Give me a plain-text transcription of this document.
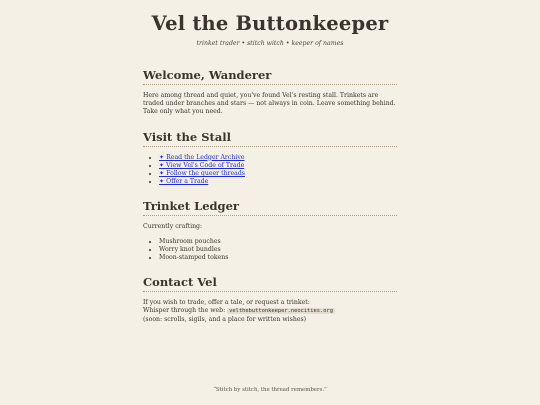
Vel the Buttonkeeper
trinket trader • stitch witch • keeper of names
Welcome, Wanderer

Here among thread and quiet, you've found Vel's resting stall. Trinkets are traded under branches and stars — not always in coin. Leave something behind. Take only what you need.

Visit the Stall
• ✦ Read the Ledger Archive
• ✦ View Vel's Code of Trade
• ✦ Follow the queer threads
• ✦ Offer a Trade
Trinket Ledger

Currently crafting:

• Mushroom pouches
• Worry knot bundles
• Moon-stamped tokens
Contact Vel

If you wish to trade, offer a tale, or request a trinket:

Whisper through the web: velthebuttonkeeper.neocities.org

(soon: scrolls, sigils, and a place for written wishes)

“Stitch by stitch, the thread remembers.”
